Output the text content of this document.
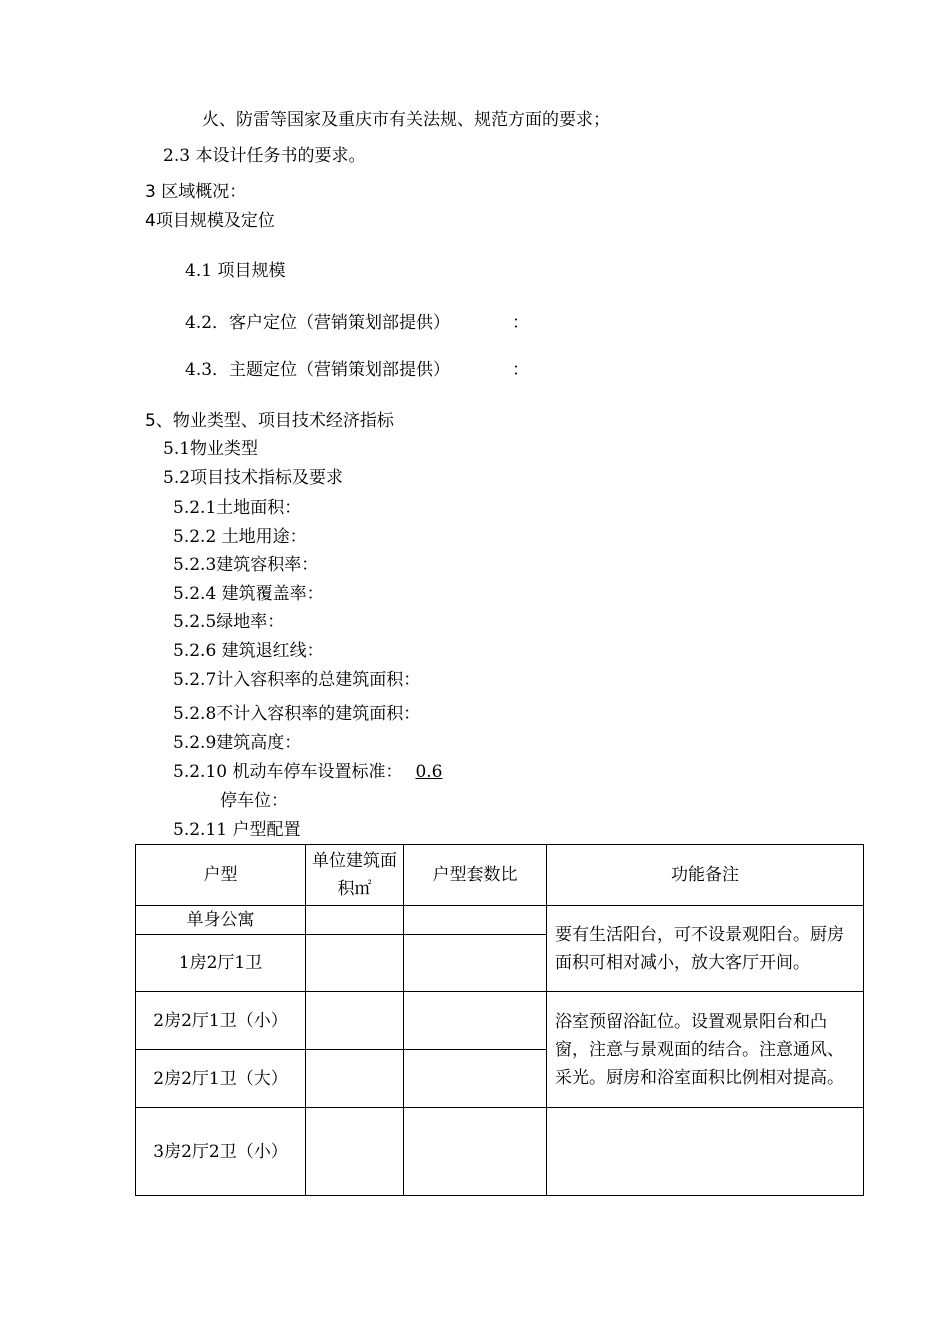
火、防雷等国家及重庆市有关法规、规范方面的要求；
2.3 本设计任务书的要求。
3 区域概况：
4项目规模及定位
4.1 项目规模
4.2．客户定位（营销策划部提供）	：
4.3．主题定位（营销策划部提供）	：
5、物业类型、项目技术经济指标
5.1物业类型
5.2项目技术指标及要求
5.2.1土地面积：
5.2.2 土地用途：
5.2.3建筑容积率：
5.2.4 建筑覆盖率：
5.2.5绿地率：
5.2.6 建筑退红线：
5.2.7计入容积率的总建筑面积：
5.2.8不计入容积率的建筑面积：
5.2.9建筑高度：
5.2.10 机动车停车设置标准： 0.6
停车位：
5.2.11 户型配置
户型	单位建筑面积㎡	户型套数比	功能备注
单身公寓			要有生活阳台，可不设景观阳台。厨房面积可相对减小，放大客厅开间。
1房2厅1卫			
2房2厅1卫（小）			浴室预留浴缸位。设置观景阳台和凸窗，注意与景观面的结合。注意通风、采光。厨房和浴室面积比例相对提高。
2房2厅1卫（大）			
3房2厅2卫（小）			
